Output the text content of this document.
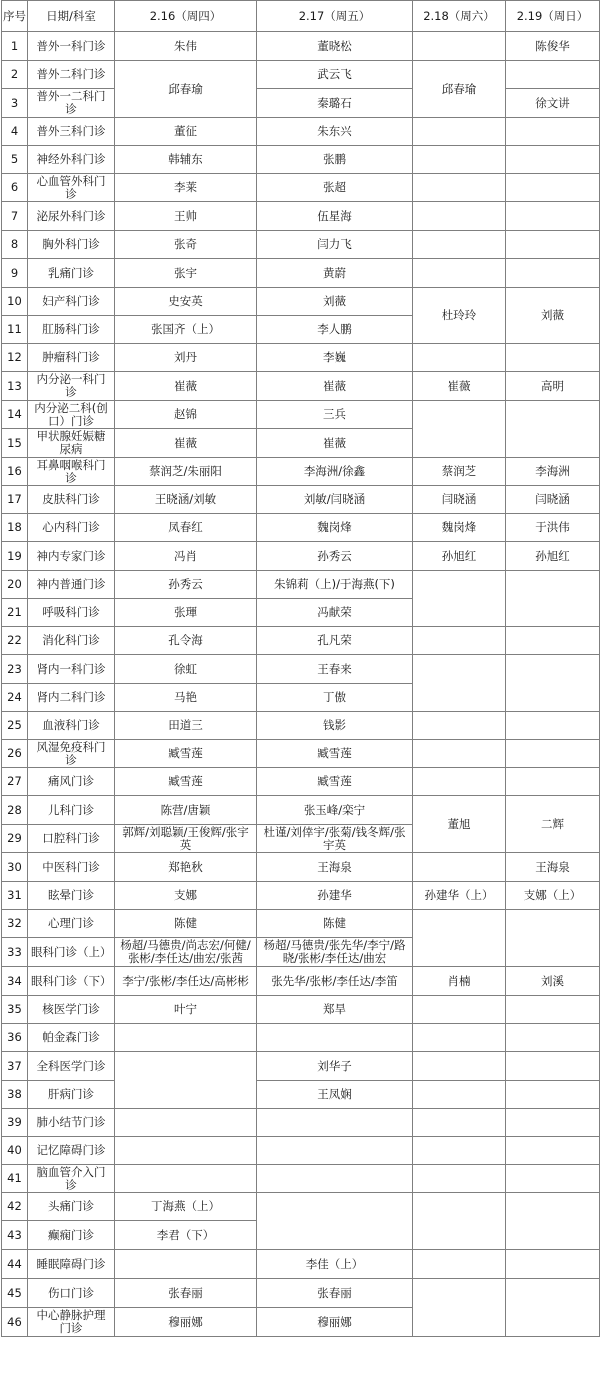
序号	日期/科室	2.16（周四）	2.17（周五）	2.18（周六）	2.19（周日）
1	普外一科门诊	朱伟	董晓松		陈俊华
2	普外二科门诊	邱春瑜	武云飞	邱春瑜	
3	普外一二科门诊		秦璐石		徐文讲
4	普外三科门诊	董征	朱东兴		
5	神经外科门诊	韩辅东	张鹏		
6	心血管外科门诊	李莱	张超		
7	泌尿外科门诊	王帅	伍星海		
8	胸外科门诊	张奇	闫力飞		
9	乳痛门诊	张宇	黄蔚		
10	妇产科门诊	史安英	刘薇	杜玲玲	刘薇
11	肛肠科门诊	张国齐（上）	李人鹏		
12	肿瘤科门诊	刘丹	李巍		
13	内分泌一科门诊	崔薇	崔薇	崔薇	高明
14	内分泌二科(创口）门诊	赵锦	三兵		
15	甲状腺妊娠糖尿病	崔薇	崔薇		
16	耳鼻咽喉科门诊	蔡润芝/朱丽阳	李海洲/徐鑫	蔡润芝	李海洲
17	皮肤科门诊	王晓涵/刘敏	刘敏/闫晓涵	闫晓涵	闫晓涵
18	心内科门诊	凤春红	魏岗烽	魏岗烽	于洪伟
19	神内专家门诊	冯肖	孙秀云	孙旭红	孙旭红
20	神内普通门诊	孙秀云	朱锦莉（上)/于海燕(下)		
21	呼吸科门诊	张琿	冯献荣		
22	消化科门诊	孔令海	孔凡荣		
23	肾内一科门诊	徐虹	王春来		
24	肾内二科门诊	马艳	丁傲		
25	血液科门诊	田道三	钱影		
26	风湿免疫科门诊	臧雪莲	臧雪莲		
27	痛风门诊	臧雪莲	臧雪莲		
28	儿科门诊	陈营/唐颖	张玉峰/栾宁	董旭	二辉
29	口腔科门诊	郭辉/刘聪颖/王俊辉/张宇英	杜谨/刘倖宇/张菊/钱冬辉/张宇英		
30	中医科门诊	郑艳秋	王海泉		王海泉
31	眩晕门诊	支娜	孙建华	孙建华（上）	支娜（上）
32	心理门诊	陈健	陈健		
33	眼科门诊（上）	杨超/马德贵/尚志宏/何健/张彬/李任达/曲宏/张茜	杨超/马德贵/张先华/李宁/路晓/张彬/李任达/曲宏		
34	眼科门诊（下）	李宁/张彬/李任达/高彬彬	张先华/张彬/李任达/李笛	肖楠	刘溪
35	核医学门诊	叶宁	郑旱		
36	帕金森门诊				
37	全科医学门诊		刘华子		
38	肝病门诊		王凤娴		
39	肺小结节门诊				
40	记忆障碍门诊				
41	脑血管介入门诊				
42	头痛门诊	丁海燕（上）			
43	癫痫门诊	李君（下）			
44	睡眠障碍门诊		李佳（上）		
45	伤口门诊	张春丽	张春丽		
46	中心静脉护理门诊	穆丽娜	穆丽娜		
